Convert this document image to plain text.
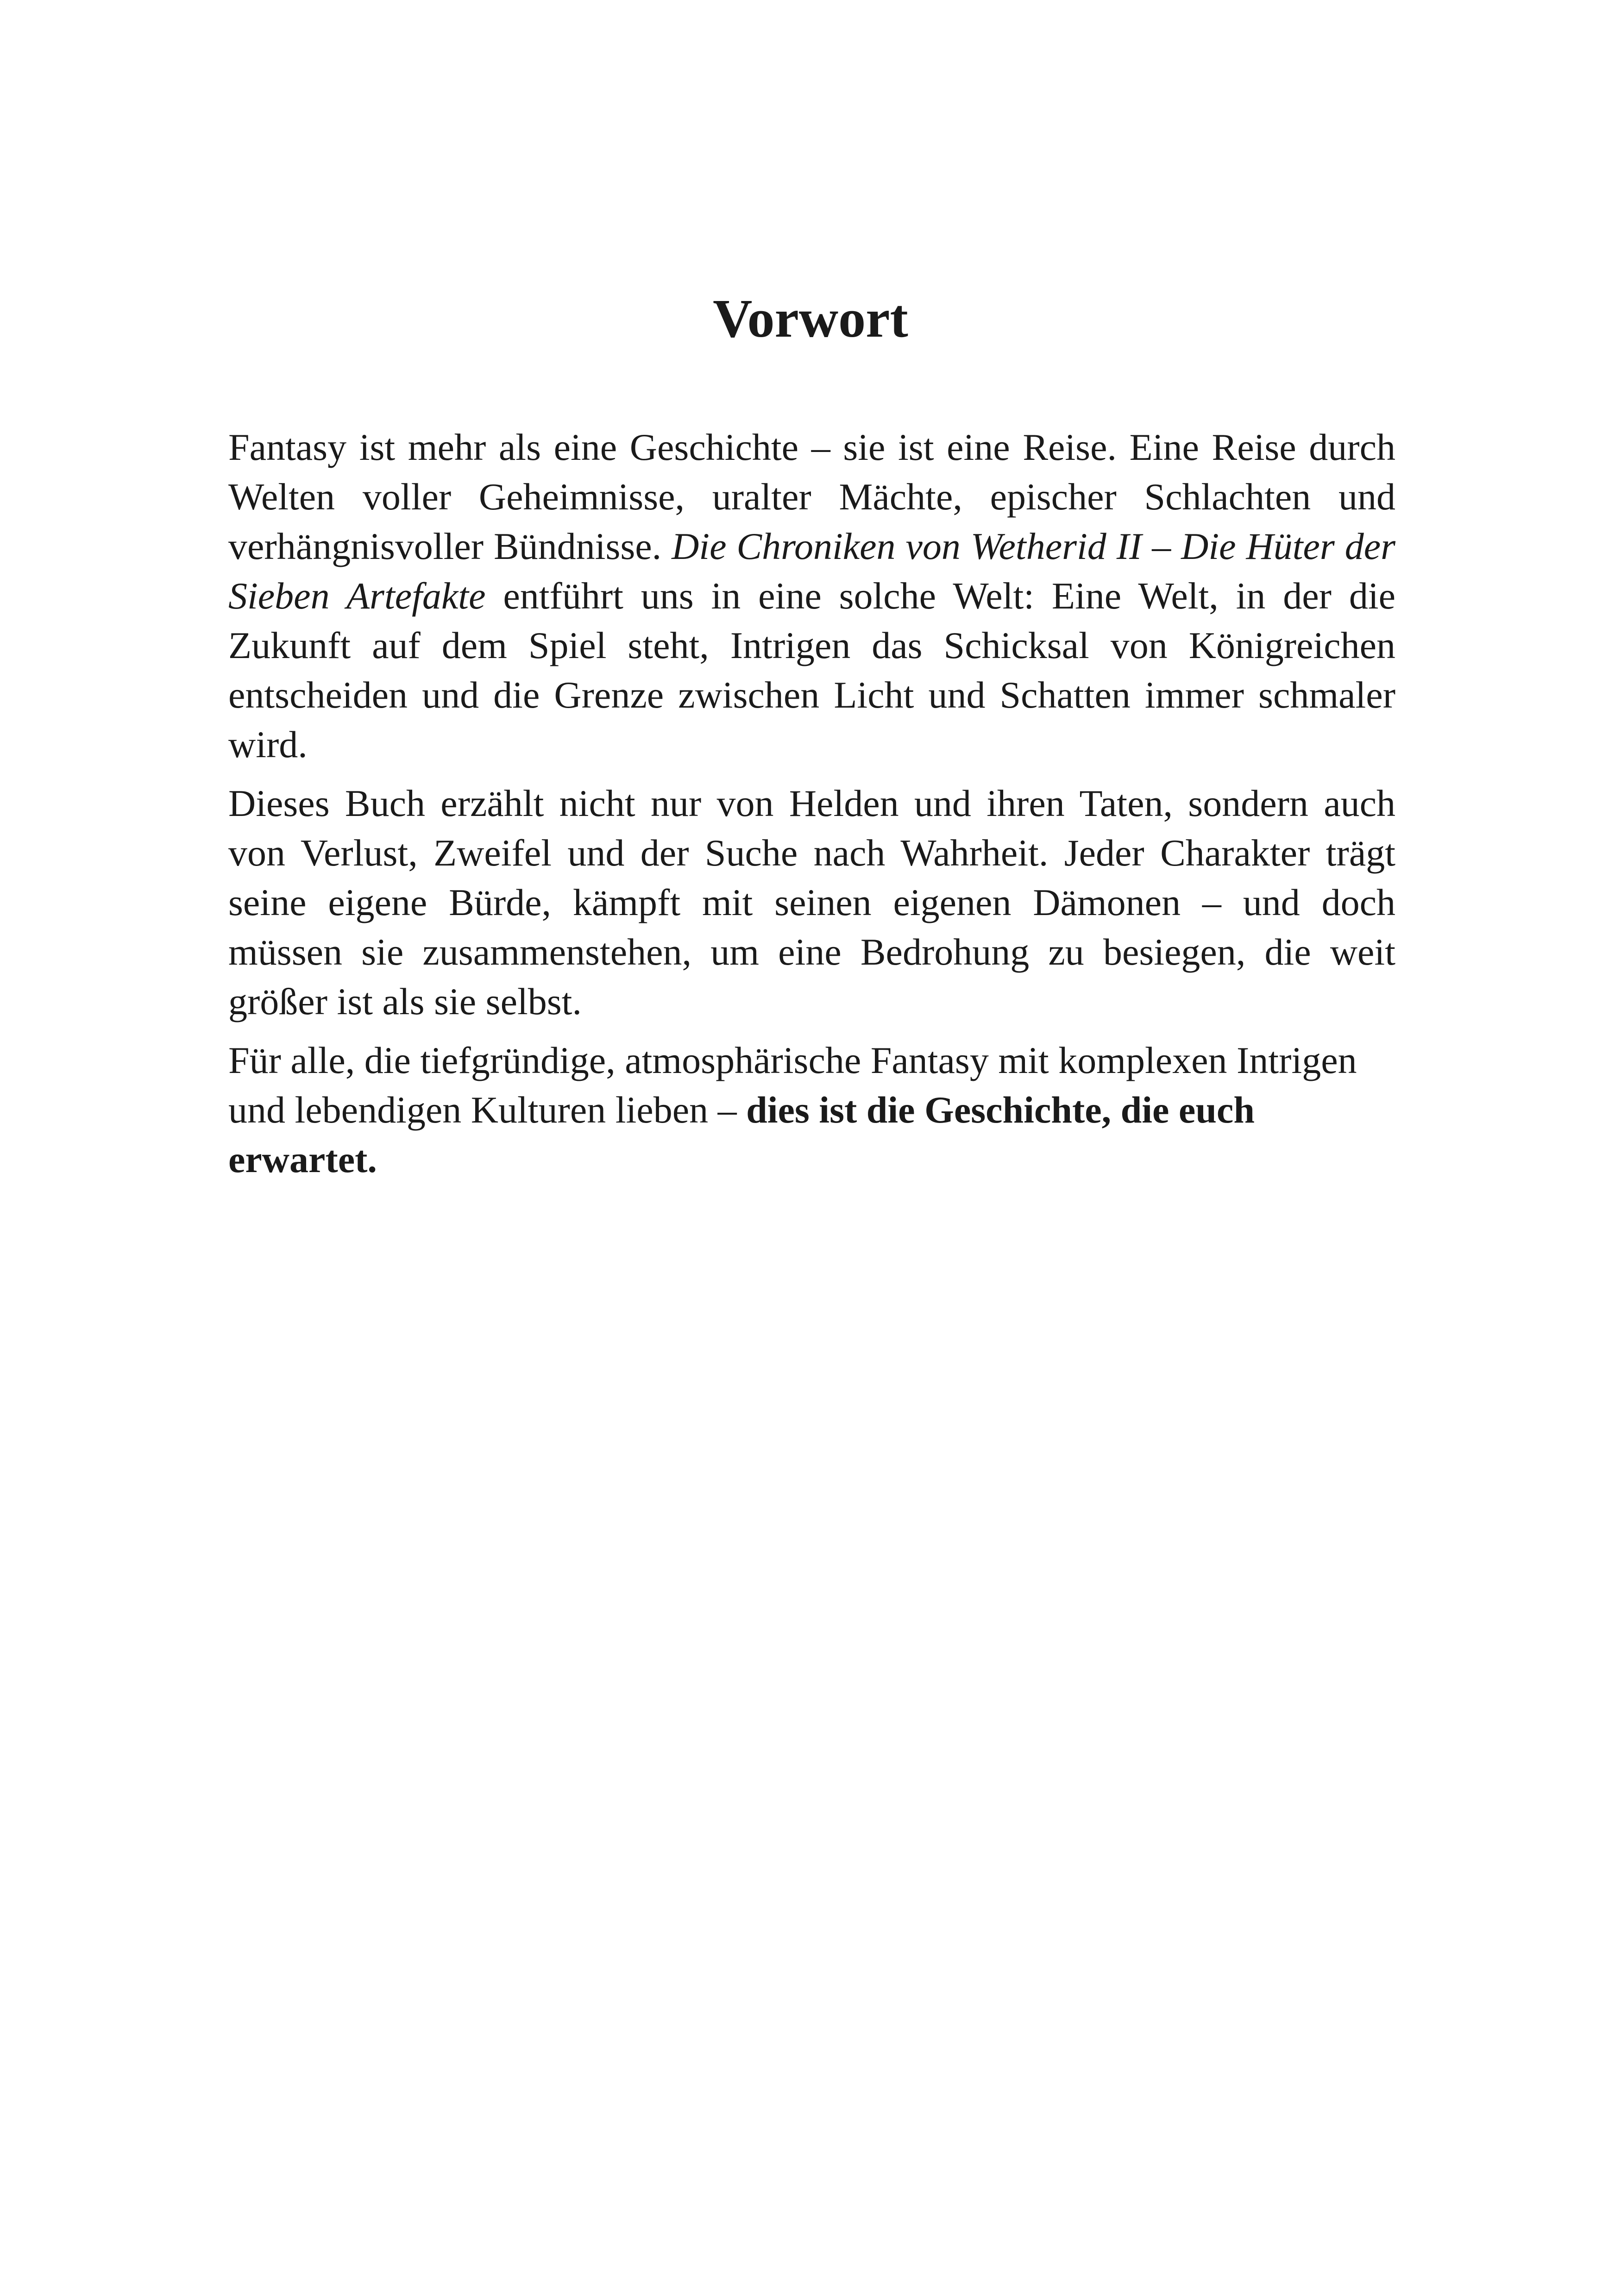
Vorwort

Fantasy ist mehr als eine Geschichte – sie ist eine Reise. Eine Reise durch Welten voller Geheimnisse, uralter Mächte, epischer Schlachten und verhängnisvoller Bündnisse. Die Chroniken von Wetherid II – Die Hüter der Sieben Artefakte entführt uns in eine solche Welt: Eine Welt, in der die Zukunft auf dem Spiel steht, Intrigen das Schicksal von Königreichen entscheiden und die Grenze zwischen Licht und Schatten immer schmaler wird.

Dieses Buch erzählt nicht nur von Helden und ihren Taten, sondern auch von Verlust, Zweifel und der Suche nach Wahrheit. Jeder Charakter trägt seine eigene Bürde, kämpft mit seinen eigenen Dämonen – und doch müssen sie zusammenstehen, um eine Bedrohung zu besiegen, die weit größer ist als sie selbst.

Für alle, die tiefgründige, atmosphärische Fantasy mit komplexen Intrigen und lebendigen Kulturen lieben – dies ist die Geschichte, die euch erwartet.
